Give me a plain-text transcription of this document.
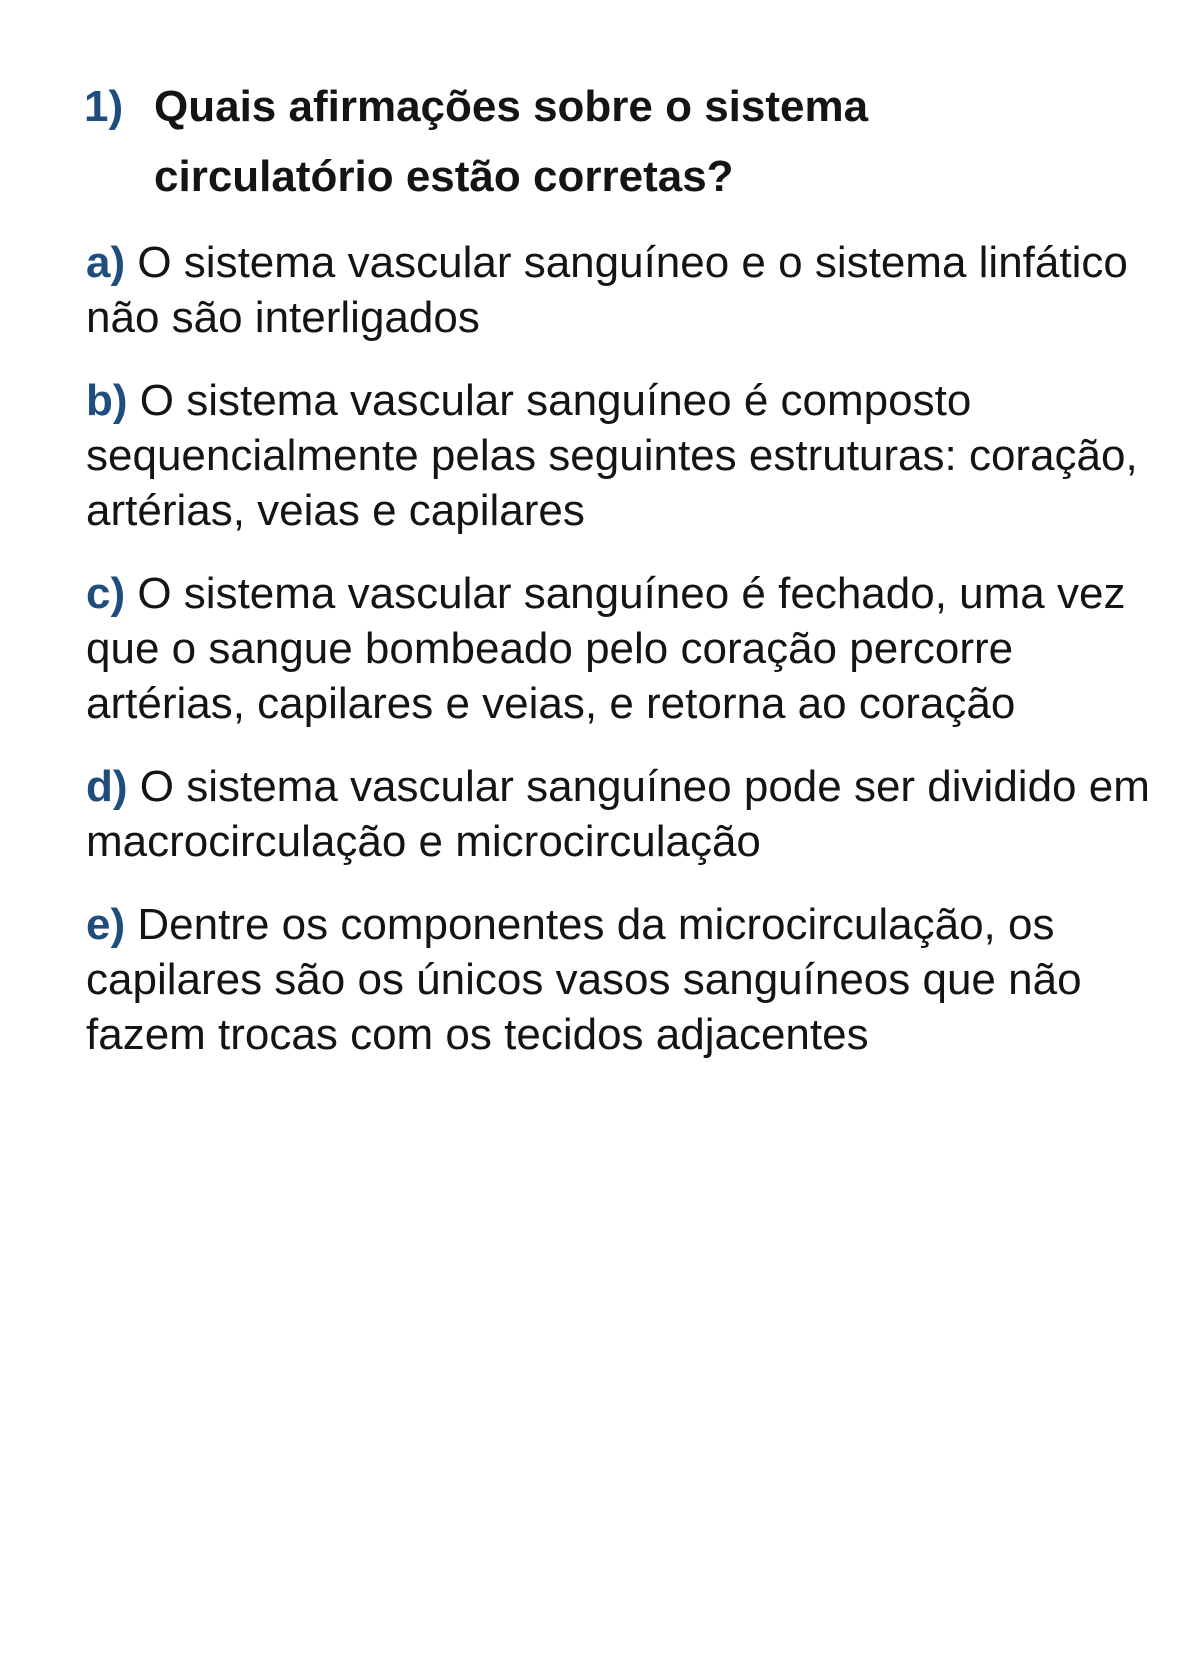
1) Quais afirmações sobre o sistema circulatório estão corretas?

a) O sistema vascular sanguíneo e o sistema linfático não são interligados

b) O sistema vascular sanguíneo é composto sequencialmente pelas seguintes estruturas: coração, artérias, veias e capilares

c) O sistema vascular sanguíneo é fechado, uma vez que o sangue bombeado pelo coração percorre artérias, capilares e veias, e retorna ao coração

d) O sistema vascular sanguíneo pode ser dividido em macrocirculação e microcirculação

e) Dentre os componentes da microcirculação, os capilares são os únicos vasos sanguíneos que não fazem trocas com os tecidos adjacentes
